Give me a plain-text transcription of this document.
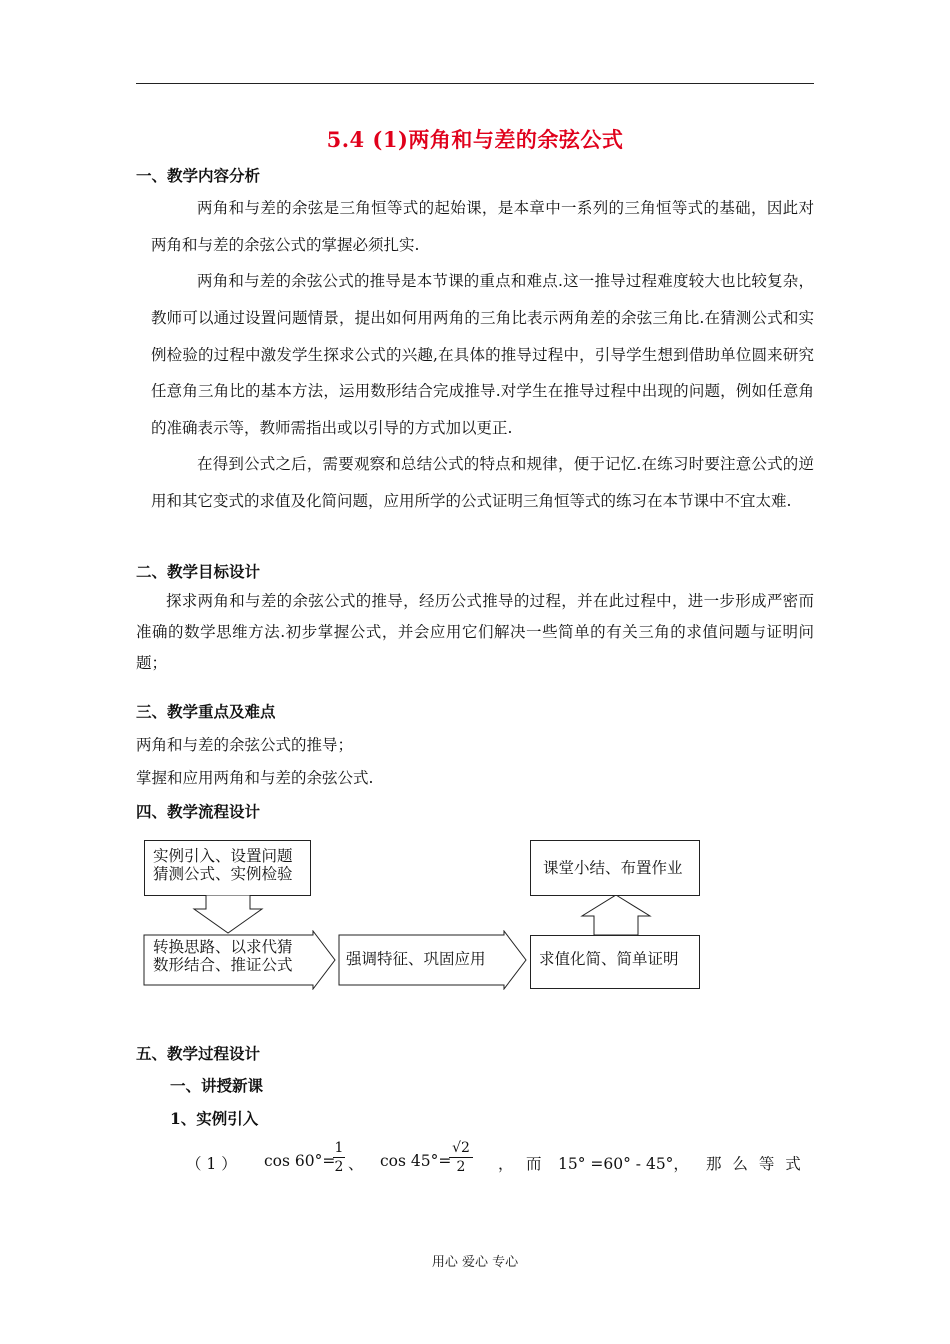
5.4 (1)两角和与差的余弦公式
一、教学内容分析
两角和与差的余弦是三角恒等式的起始课，是本章中一系列的三角恒等式的基础，因此对两角和与差的余弦公式的掌握必须扎实.
两角和与差的余弦公式的推导是本节课的重点和难点.这一推导过程难度较大也比较复杂，教师可以通过设置问题情景，提出如何用两角的三角比表示两角差的余弦三角比.在猜测公式和实例检验的过程中激发学生探求公式的兴趣,在具体的推导过程中，引导学生想到借助单位圆来研究任意角三角比的基本方法，运用数形结合完成推导.对学生在推导过程中出现的问题，例如任意角的准确表示等，教师需指出或以引导的方式加以更正.
在得到公式之后，需要观察和总结公式的特点和规律，便于记忆.在练习时要注意公式的逆用和其它变式的求值及化简问题，应用所学的公式证明三角恒等式的练习在本节课中不宜太难.
二、教学目标设计
探求两角和与差的余弦公式的推导，经历公式推导的过程，并在此过程中，进一步形成严密而准确的数学思维方法.初步掌握公式，并会应用它们解决一些简单的有关三角的求值问题与证明问题；
三、教学重点及难点
两角和与差的余弦公式的推导；
掌握和应用两角和与差的余弦公式.
四、教学流程设计
实例引入、设置问题
猜测公式、实例检验
转换思路、以求代猜
数形结合、推证公式	强调特征、巩固应用	求值化简、简单证明
课堂小结、布置作业
五、教学过程设计
一、讲授新课
1、实例引入
（ 1 ） cos 60°=
1
2 、 cos 45°=
√2
2 ， 而 15° =60° - 45°， 那 么 等 式
用心 爱心 专心
